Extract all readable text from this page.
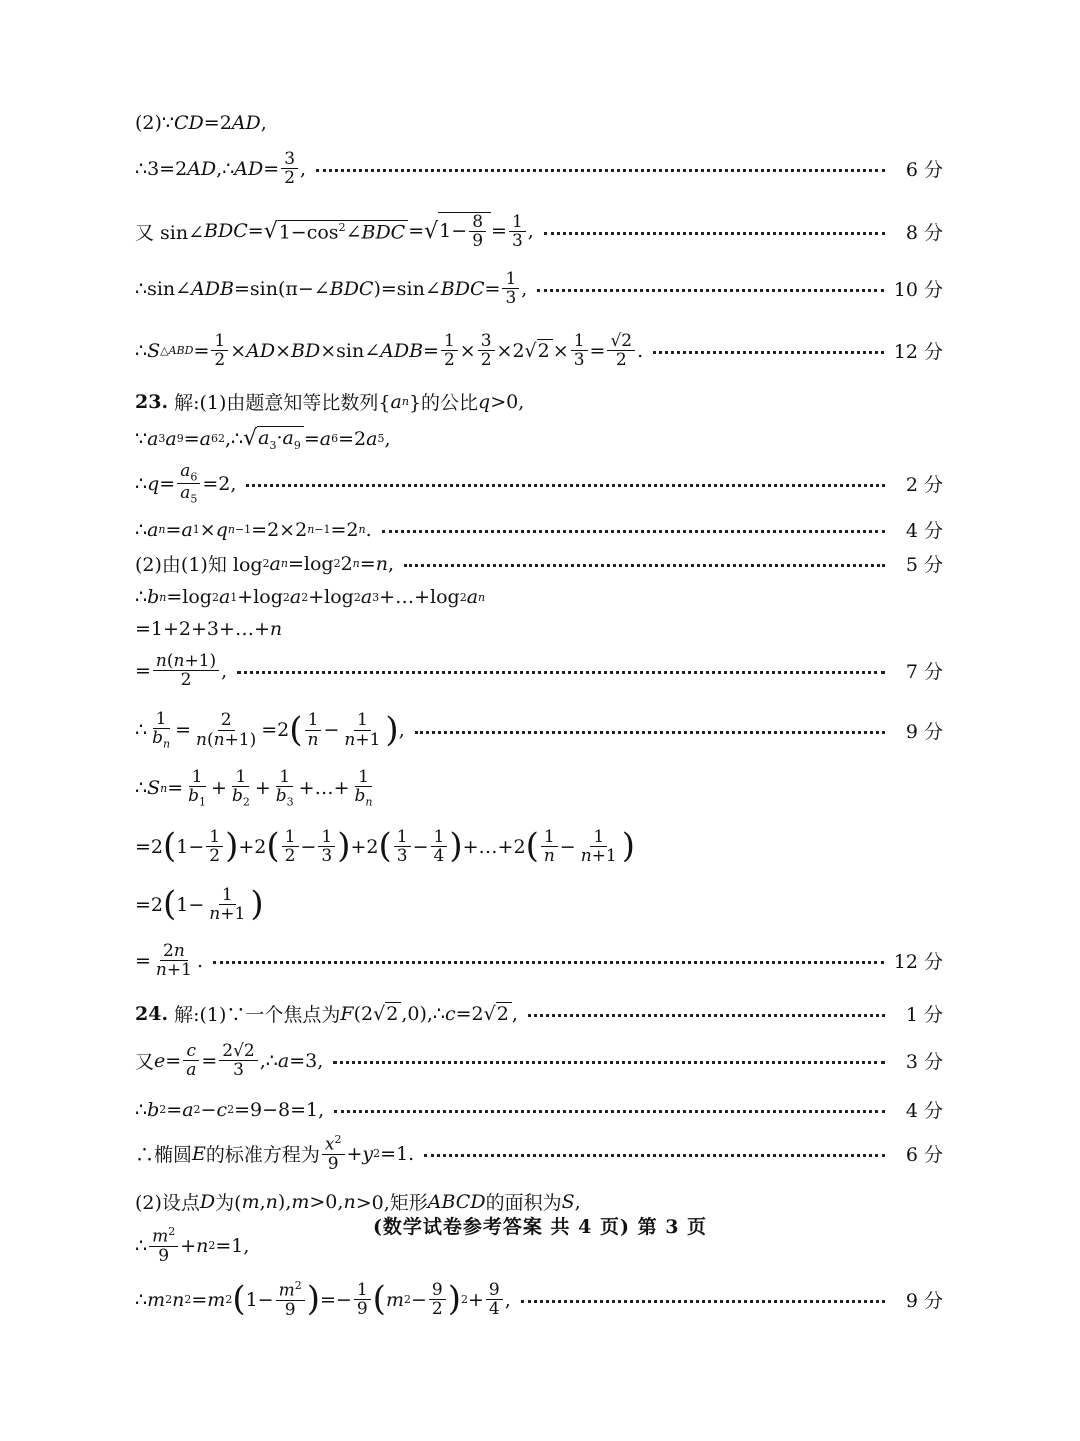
(2)∵ CD =2 AD ,
∴3=2 AD ,∴ AD = $\frac{3}{2}$ ,	6 分
又 sin∠ BDC = √ $1-\cos^2\angle BDC$ = √ $1- \frac{8}{9} = \frac{1}{3}$ ,	8 分
∴sin∠ ADB =sin(π−∠ BDC )=sin∠ BDC = $\frac{1}{3}$ ,	10 分
∴ S △ABD = $\frac{1}{2}$ × AD × BD ×sin∠ ADB = $\frac{1}{2} \times \frac{3}{2} \times 2√$ $2 \times \frac{1}{3} = \frac{√2}{2}$ .	12 分
23. 解:(1)由题意知等比数列{ a n }的公比 q >0,
∵ a 3 a 9 = a 6 2 ,∴ √ $a_3\cdot a_9 = a$ 6 =2 a 5 ,
∴ $q = \frac{a_6}{a_5} =2$,	2 分
∴ a n = a 1 × q n−1 =2×2 n−1 =2 n .	4 分
(2)由(1)知 log 2 a n =log 2 2 n = n ,	5 分
∴ b n =log 2 a 1 +log 2 a 2 +log 2 a 3 +…+log 2 a n
=1+2+3+…+ n
= $\frac{n(n+1)}{2}$ ,	7 分
∴ $\frac{1}{b_n} = \frac{2}{n(n+1)} =2$ ( $\frac{1}{n} - \frac{1}{n+1}$ ) ,	9 分
∴ S $n = \frac{1}{b_1} + \frac{1}{b_2} + \frac{1}{b_3}$ +…+ $\frac{1}{b_n}$
=2 ( $1- \frac{1}{2}$ ) +2 ( $\frac{1}{2} - \frac{1}{3}$ ) +2 ( $\frac{1}{3} - \frac{1}{4}$ ) +…+2 ( $\frac{1}{n} - \frac{1}{n+1}$ )
=2 ( $1- \frac{1}{n+1}$ )
= $\frac{2n}{n+1}$ .	12 分
24. 解:(1)∵一个焦点为 F (2√ 2 ,0),∴ c =2√ 2 ,	1 分
又 $e = \frac{c}{a} = \frac{2√2}{3}$ ,∴ a =3,	3 分
∴ b 2 = a 2 − c 2 =9−8=1,	4 分
∴椭圆 E 的标准方程为 $\frac{x^2}{9} + y$ 2 =1.	6 分
(2)设点 D 为( m , n ), m >0, n >0,矩形 ABCD 的面积为 S ,
∴ $\frac{m^2}{9} + n$ 2 =1,
∴ m 2 n 2 = m 2 ( $1- \frac{m^2}{9}$ ) =− $\frac{1}{9}$ ( m $2 - \frac{9}{2}$ ) $2 + \frac{9}{4}$ ,	9 分
(数学试卷参考答案 共 4 页) 第 3 页
